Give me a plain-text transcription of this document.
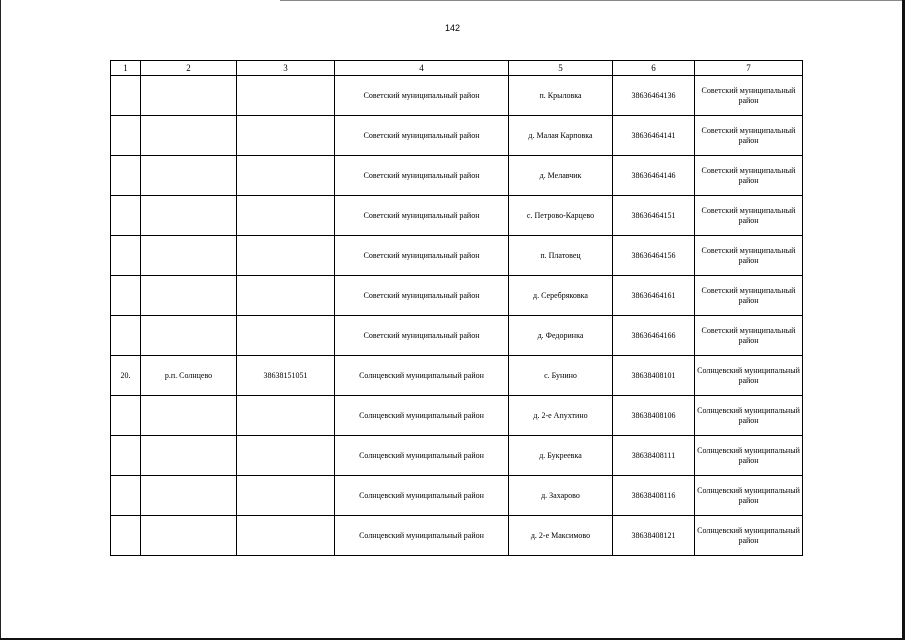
142
1	2	3	4	5	6	7
			Советский муниципальный район	п. Крыловка	38636464136	Советский муниципальный район
			Советский муниципальный район	д. Малая Карповка	38636464141	Советский муниципальный район
			Советский муниципальный район	д. Мелавчик	38636464146	Советский муниципальный район
			Советский муниципальный район	с. Петрово-Карцево	38636464151	Советский муниципальный район
			Советский муниципальный район	п. Платовец	38636464156	Советский муниципальный район
			Советский муниципальный район	д. Серебряковка	38636464161	Советский муниципальный район
			Советский муниципальный район	д. Федоринка	38636464166	Советский муниципальный район
20.	р.п. Солнцево	38638151051	Солнцевский муниципальный район	с. Бунино	38638408101	Солнцевский муниципальный район
			Солнцевский муниципальный район	д. 2-е Апухтино	38638408106	Солнцевский муниципальный район
			Солнцевский муниципальный район	д. Букреевка	38638408111	Солнцевский муниципальный район
			Солнцевский муниципальный район	д. Захарово	38638408116	Солнцевский муниципальный район
			Солнцевский муниципальный район	д. 2-е Максимово	38638408121	Солнцевский муниципальный район
